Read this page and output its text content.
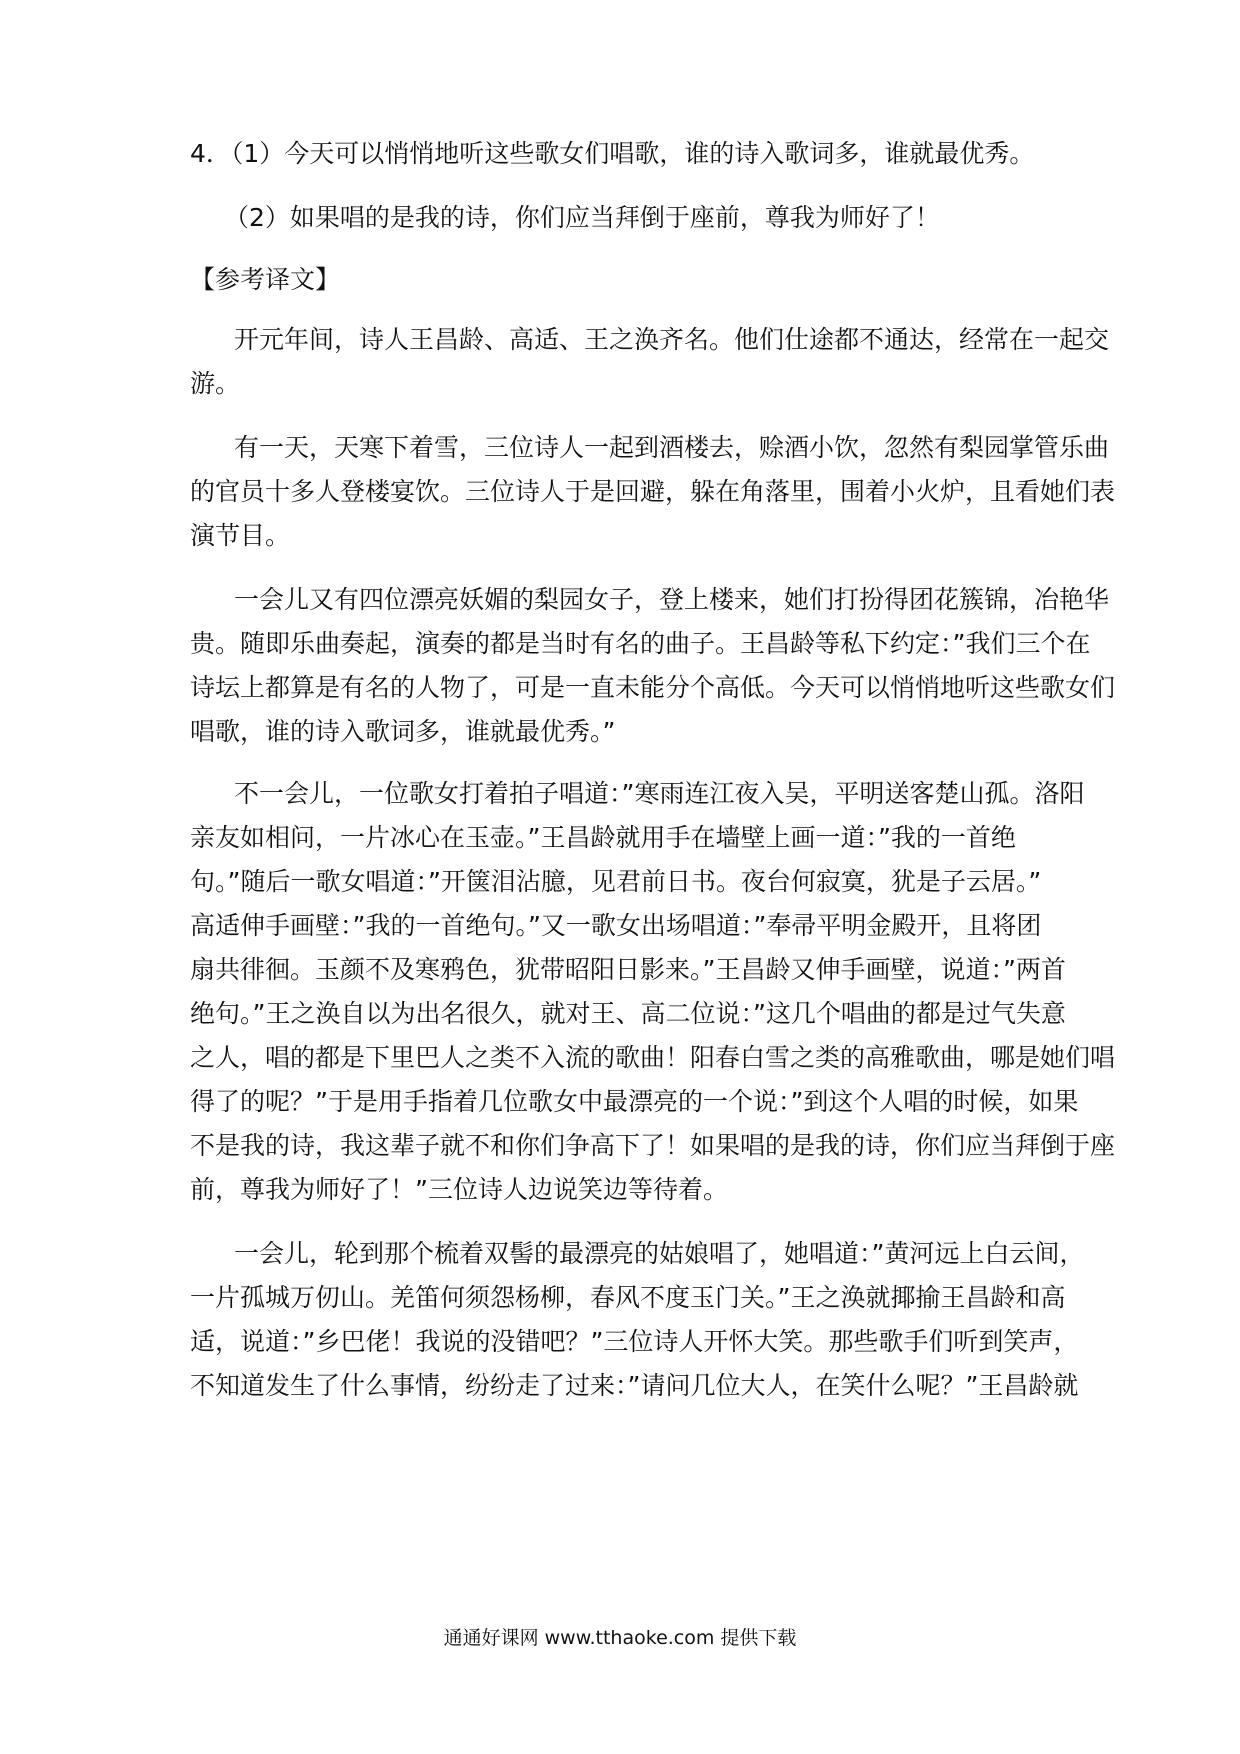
4．（1）今天可以悄悄地听这些歌女们唱歌，谁的诗入歌词多，谁就最优秀。
（2）如果唱的是我的诗，你们应当拜倒于座前，尊我为师好了！
【参考译文】
开元年间，诗人王昌龄、高适、王之涣齐名。他们仕途都不通达，经常在一起交
游。
有一天，天寒下着雪，三位诗人一起到酒楼去，赊酒小饮，忽然有梨园掌管乐曲
的官员十多人登楼宴饮。三位诗人于是回避，躲在角落里，围着小火炉，且看她们表
演节目。
一会儿又有四位漂亮妖媚的梨园女子，登上楼来，她们打扮得团花簇锦，冶艳华
贵。随即乐曲奏起，演奏的都是当时有名的曲子。王昌龄等私下约定：”我们三个在
诗坛上都算是有名的人物了，可是一直未能分个高低。今天可以悄悄地听这些歌女们
唱歌，谁的诗入歌词多，谁就最优秀。”
不一会儿，一位歌女打着拍子唱道：”寒雨连江夜入吴，平明送客楚山孤。洛阳
亲友如相问，一片冰心在玉壶。”王昌龄就用手在墙壁上画一道：”我的一首绝
句。”随后一歌女唱道：”开箧泪沾臆，见君前日书。夜台何寂寞，犹是子云居。”
高适伸手画壁：”我的一首绝句。”又一歌女出场唱道：”奉帚平明金殿开，且将团
扇共徘徊。玉颜不及寒鸦色，犹带昭阳日影来。”王昌龄又伸手画壁，说道：”两首
绝句。”王之涣自以为出名很久，就对王、高二位说：”这几个唱曲的都是过气失意
之人，唱的都是下里巴人之类不入流的歌曲！阳春白雪之类的高雅歌曲，哪是她们唱
得了的呢？”于是用手指着几位歌女中最漂亮的一个说：”到这个人唱的时候，如果
不是我的诗，我这辈子就不和你们争高下了！如果唱的是我的诗，你们应当拜倒于座
前，尊我为师好了！”三位诗人边说笑边等待着。
一会儿，轮到那个梳着双髻的最漂亮的姑娘唱了，她唱道：”黄河远上白云间，
一片孤城万仞山。羌笛何须怨杨柳，春风不度玉门关。”王之涣就揶揄王昌龄和高
适，说道：”乡巴佬！我说的没错吧？”三位诗人开怀大笑。那些歌手们听到笑声，
不知道发生了什么事情，纷纷走了过来：”请问几位大人，在笑什么呢？”王昌龄就
通通好课网 www.tthaoke.com 提供下载
